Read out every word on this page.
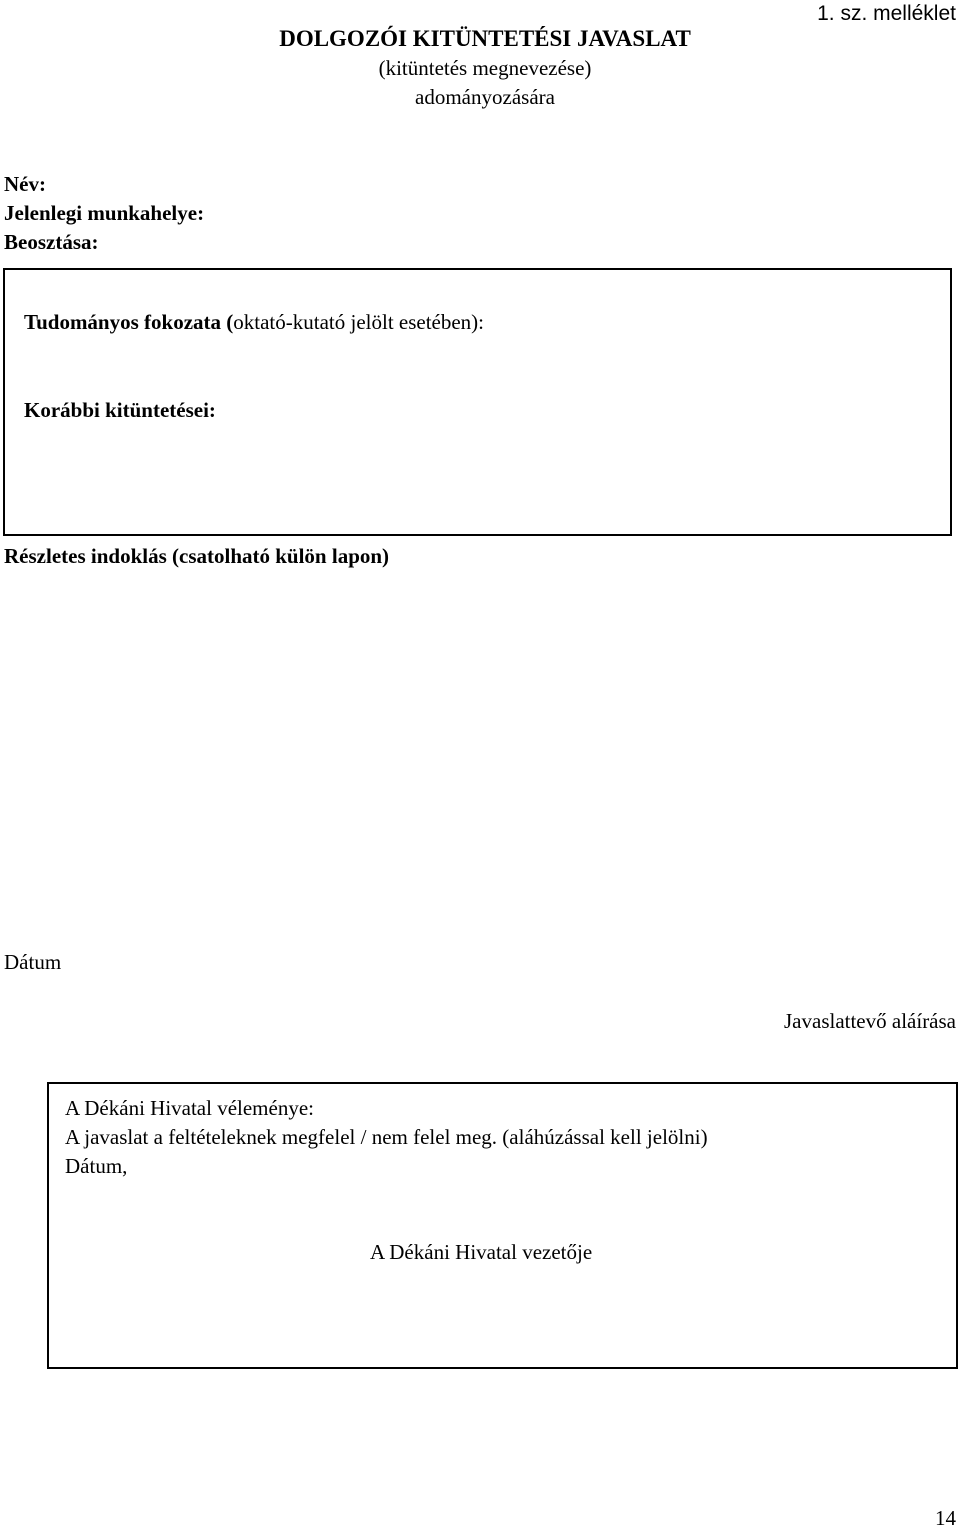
1. sz. melléklet
DOLGOZÓI KITÜNTETÉSI JAVASLAT
(kitüntetés megnevezése)
adományozására
Név:
Jelenlegi munkahelye:
Beosztása:
Tudományos fokozata (oktató-kutató jelölt esetében):
Korábbi kitüntetései:
Részletes indoklás (csatolható külön lapon)
Dátum
Javaslattevő aláírása
A Dékáni Hivatal véleménye:
A javaslat a feltételeknek megfelel / nem felel meg. (aláhúzással kell jelölni)
Dátum,
A Dékáni Hivatal vezetője
14
